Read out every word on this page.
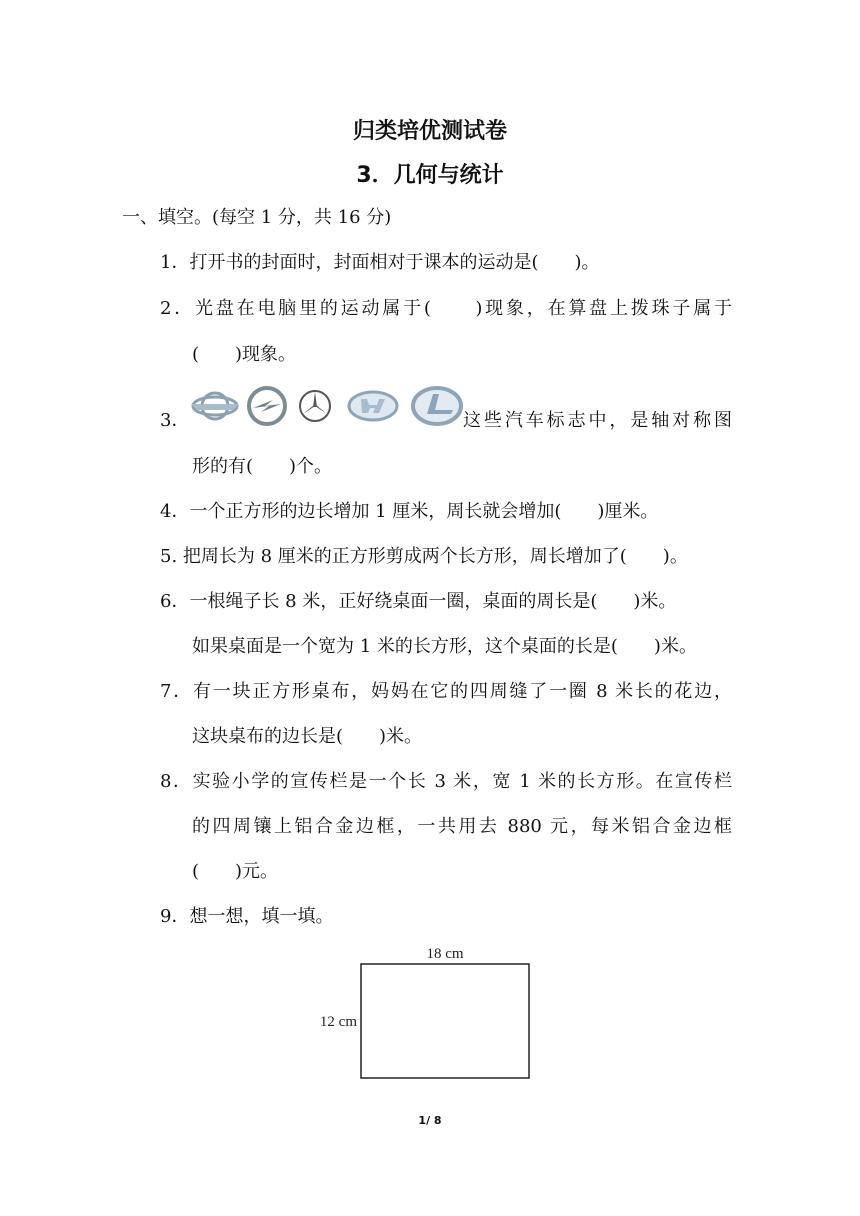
归类培优测试卷
3．几何与统计
一、填空。(每空 1 分，共 16 分)
1．打开书的封面时，封面相对于课本的运动是(　　)。
2．光盘在电脑里的运动属于(　　)现象，在算盘上拨珠子属于
(　　)现象。
3．	这些汽车标志中，是轴对称图
形的有(　　)个。
4．一个正方形的边长增加 1 厘米，周长就会增加(　　)厘米。
5. 把周长为 8 厘米的正方形剪成两个长方形，周长增加了(　　)。
6．一根绳子长 8 米，正好绕桌面一圈，桌面的周长是(　　)米。
如果桌面是一个宽为 1 米的长方形，这个桌面的长是(　　)米。
7．有一块正方形桌布，妈妈在它的四周缝了一圈 8 米长的花边，
这块桌布的边长是(　　)米。
8．实验小学的宣传栏是一个长 3 米，宽 1 米的长方形。在宣传栏
的四周镶上铝合金边框，一共用去 880 元，每米铝合金边框
(　　)元。
9．想一想，填一填。
18 cm
12 cm
1/ 8
